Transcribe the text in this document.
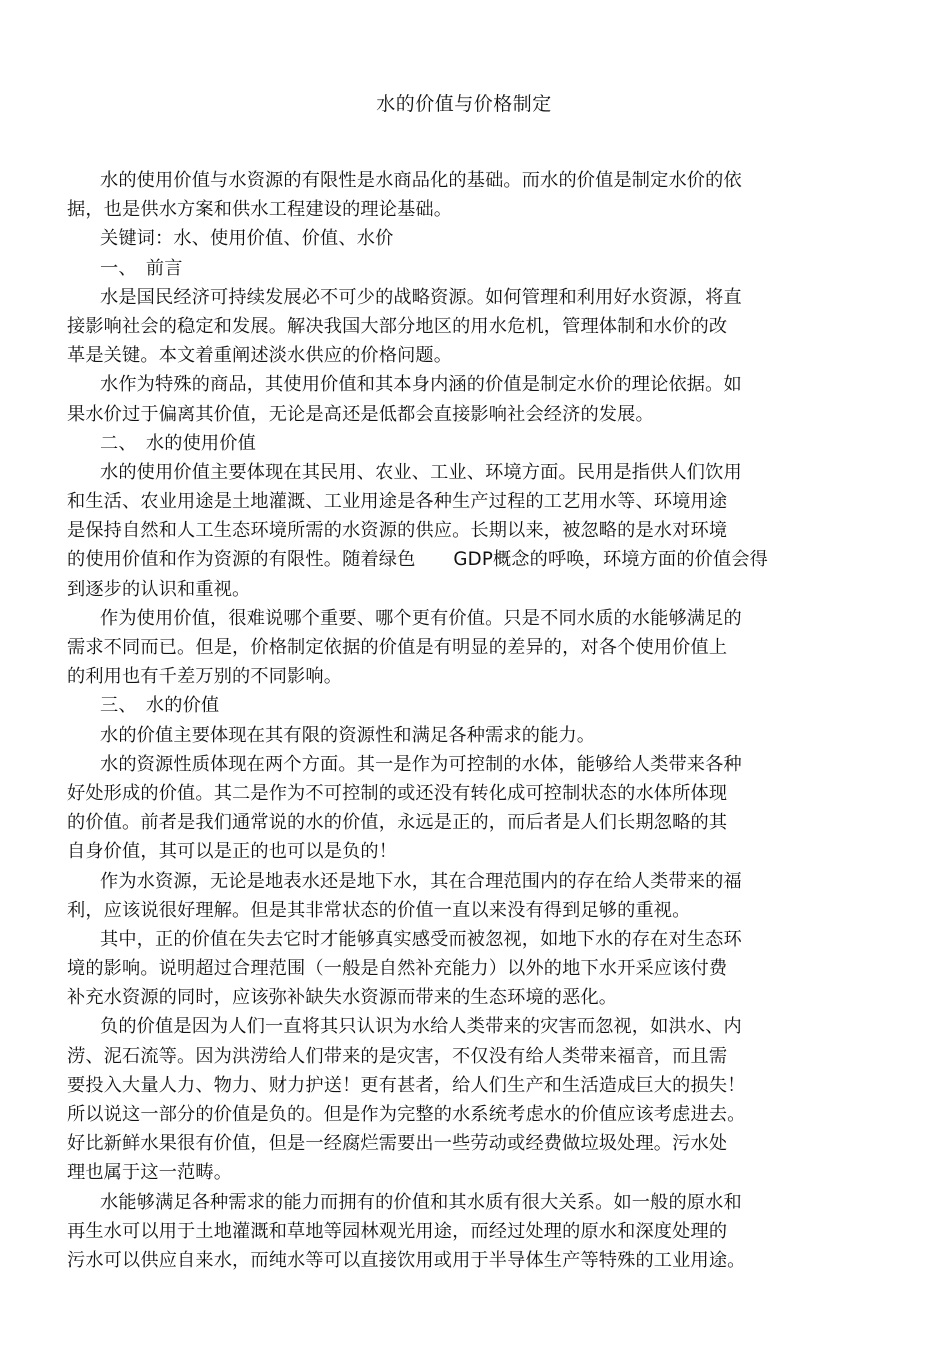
水的价值与价格制定
水的使用价值与水资源的有限性是水商品化的基础。而水的价值是制定水价的依
据，也是供水方案和供水工程建设的理论基础。
关键词：水、使用价值、价值、水价
一、　前言
水是国民经济可持续发展必不可少的战略资源。如何管理和利用好水资源，将直
接影响社会的稳定和发展。解决我国大部分地区的用水危机，管理体制和水价的改
革是关键。本文着重阐述淡水供应的价格问题。
水作为特殊的商品，其使用价值和其本身内涵的价值是制定水价的理论依据。如
果水价过于偏离其价值，无论是高还是低都会直接影响社会经济的发展。
二、　水的使用价值
水的使用价值主要体现在其民用、农业、工业、环境方面。民用是指供人们饮用
和生活、农业用途是土地灌溉、工业用途是各种生产过程的工艺用水等、环境用途
是保持自然和人工生态环境所需的水资源的供应。长期以来，被忽略的是水对环境
的使用价值和作为资源的有限性。随着绿色 GDP概念的呼唤，环境方面的价值会得
到逐步的认识和重视。
作为使用价值，很难说哪个重要、哪个更有价值。只是不同水质的水能够满足的
需求不同而已。但是，价格制定依据的价值是有明显的差异的，对各个使用价值上
的利用也有千差万别的不同影响。
三、　水的价值
水的价值主要体现在其有限的资源性和满足各种需求的能力。
水的资源性质体现在两个方面。其一是作为可控制的水体，能够给人类带来各种
好处形成的价值。其二是作为不可控制的或还没有转化成可控制状态的水体所体现
的价值。前者是我们通常说的水的价值，永远是正的，而后者是人们长期忽略的其
自身价值，其可以是正的也可以是负的！
作为水资源，无论是地表水还是地下水，其在合理范围内的存在给人类带来的福
利，应该说很好理解。但是其非常状态的价值一直以来没有得到足够的重视。
其中，正的价值在失去它时才能够真实感受而被忽视，如地下水的存在对生态环
境的影响。说明超过合理范围（一般是自然补充能力）以外的地下水开采应该付费
补充水资源的同时，应该弥补缺失水资源而带来的生态环境的恶化。
负的价值是因为人们一直将其只认识为水给人类带来的灾害而忽视，如洪水、内
涝、泥石流等。因为洪涝给人们带来的是灾害，不仅没有给人类带来福音，而且需
要投入大量人力、物力、财力护送！更有甚者，给人们生产和生活造成巨大的损失！
所以说这一部分的价值是负的。但是作为完整的水系统考虑水的价值应该考虑进去。
好比新鲜水果很有价值，但是一经腐烂需要出一些劳动或经费做垃圾处理。污水处
理也属于这一范畴。
水能够满足各种需求的能力而拥有的价值和其水质有很大关系。如一般的原水和
再生水可以用于土地灌溉和草地等园林观光用途，而经过处理的原水和深度处理的
污水可以供应自来水，而纯水等可以直接饮用或用于半导体生产等特殊的工业用途。
